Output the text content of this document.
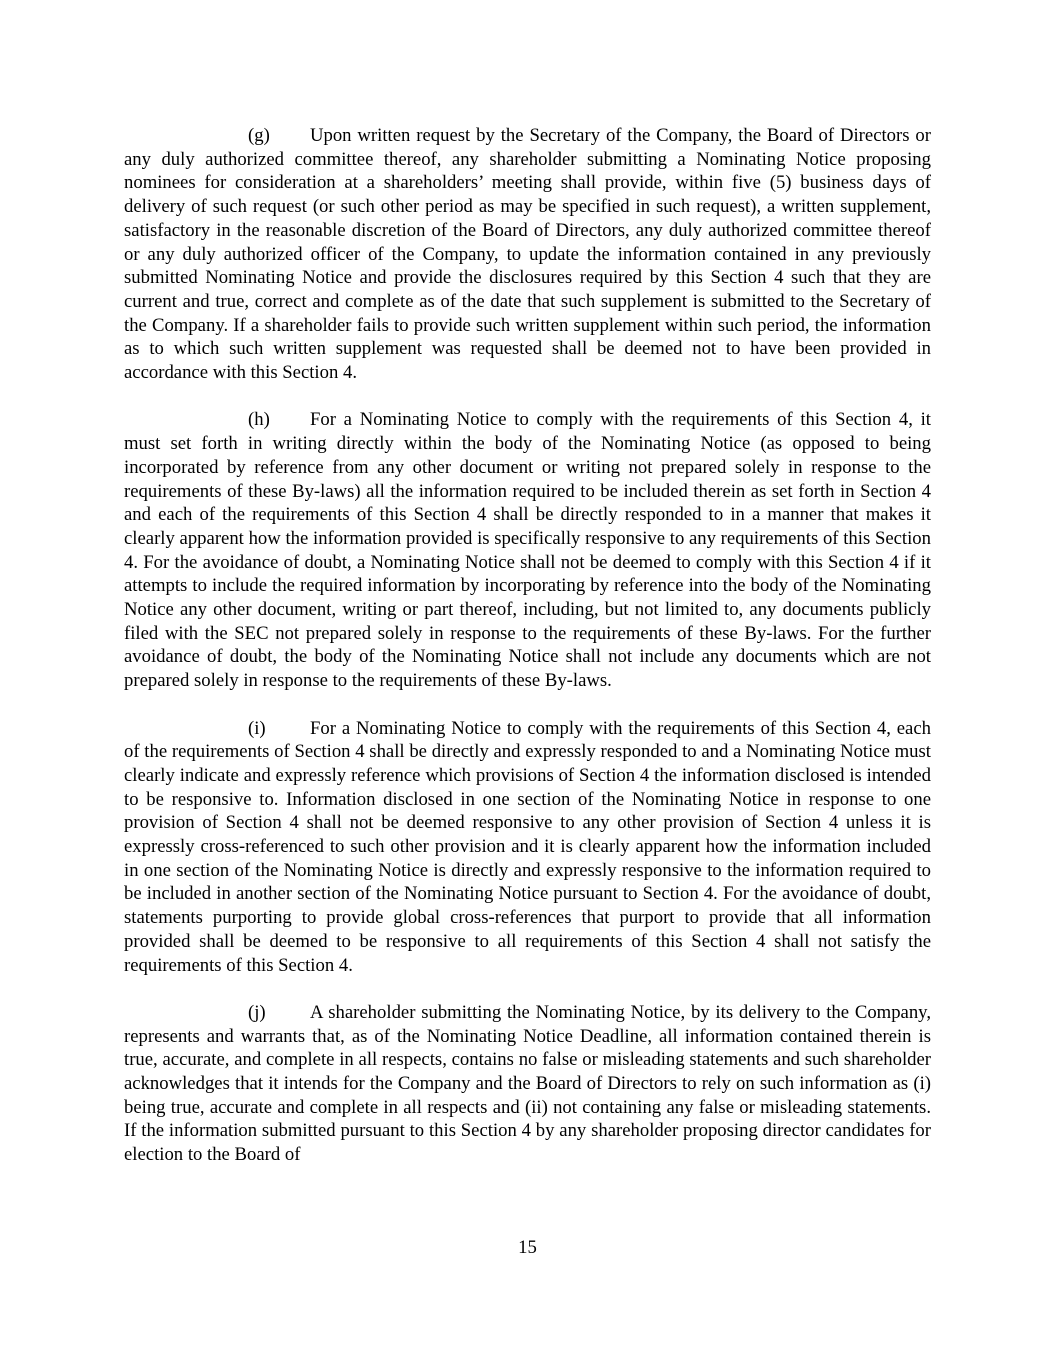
(g) Upon written request by the Secretary of the Company, the Board of Directors or any duly authorized committee thereof, any shareholder submitting a Nominating Notice proposing nominees for consideration at a shareholders’ meeting shall provide, within five (5) business days of delivery of such request (or such other period as may be specified in such request), a written supplement, satisfactory in the reasonable discretion of the Board of Directors, any duly authorized committee thereof or any duly authorized officer of the Company, to update the information contained in any previously submitted Nominating Notice and provide the disclosures required by this Section 4 such that they are current and true, correct and complete as of the date that such supplement is submitted to the Secretary of the Company. If a shareholder fails to provide such written supplement within such period, the information as to which such written supplement was requested shall be deemed not to have been provided in accordance with this Section 4.

(h) For a Nominating Notice to comply with the requirements of this Section 4, it must set forth in writing directly within the body of the Nominating Notice (as opposed to being incorporated by reference from any other document or writing not prepared solely in response to the requirements of these By-laws) all the information required to be included therein as set forth in Section 4 and each of the requirements of this Section 4 shall be directly responded to in a manner that makes it clearly apparent how the information provided is specifically responsive to any requirements of this Section 4. For the avoidance of doubt, a Nominating Notice shall not be deemed to comply with this Section 4 if it attempts to include the required information by incorporating by reference into the body of the Nominating Notice any other document, writing or part thereof, including, but not limited to, any documents publicly filed with the SEC not prepared solely in response to the requirements of these By-laws. For the further avoidance of doubt, the body of the Nominating Notice shall not include any documents which are not prepared solely in response to the requirements of these By-laws.

(i) For a Nominating Notice to comply with the requirements of this Section 4, each of the requirements of Section 4 shall be directly and expressly responded to and a Nominating Notice must clearly indicate and expressly reference which provisions of Section 4 the information disclosed is intended to be responsive to. Information disclosed in one section of the Nominating Notice in response to one provision of Section 4 shall not be deemed responsive to any other provision of Section 4 unless it is expressly cross-referenced to such other provision and it is clearly apparent how the information included in one section of the Nominating Notice is directly and expressly responsive to the information required to be included in another section of the Nominating Notice pursuant to Section 4. For the avoidance of doubt, statements purporting to provide global cross-references that purport to provide that all information provided shall be deemed to be responsive to all requirements of this Section 4 shall not satisfy the requirements of this Section 4.

(j) A shareholder submitting the Nominating Notice, by its delivery to the Company, represents and warrants that, as of the Nominating Notice Deadline, all information contained therein is true, accurate, and complete in all respects, contains no false or misleading statements and such shareholder acknowledges that it intends for the Company and the Board of Directors to rely on such information as (i) being true, accurate and complete in all respects and (ii) not containing any false or misleading statements. If the information submitted pursuant to this Section 4 by any shareholder proposing director candidates for election to the Board of

15
